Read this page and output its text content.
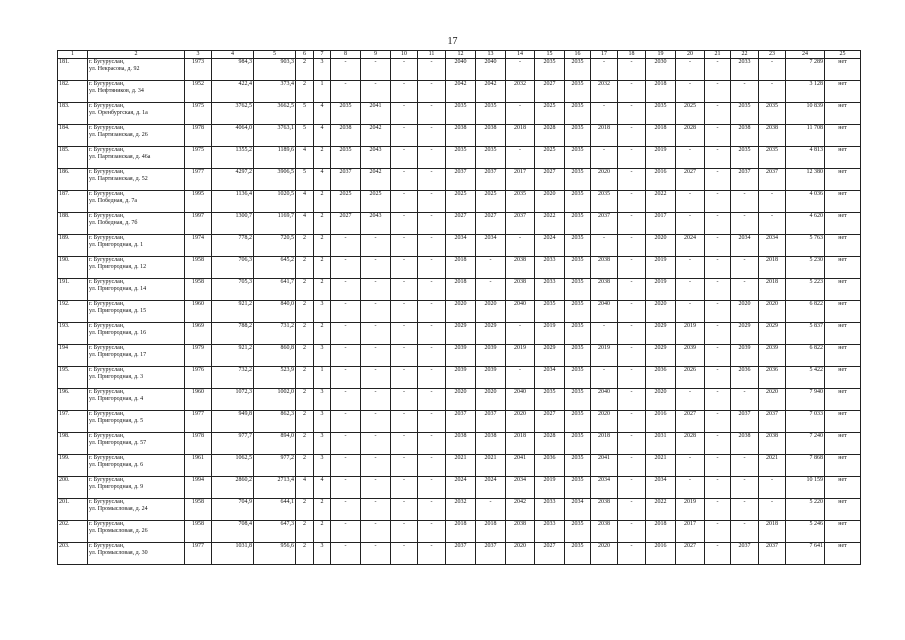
17
1	2	3	4	5	6	7	8	9	10	11	12	13	14	15	16	17	18	19	20	21	22	23	24	25
181.	г. Бугуруслан,
ул. Некрасова, д. 92	1973	984,3	903,3	2	3	-	-	-	-	2040	2040	-	2035	2035	-	-	2030	-	-	2033	-	7 289	нет
182.	г. Бугуруслан,
ул. Нефтяников, д. 34	1952	422,4	373,4	2	1	-	-	-	-	2042	2042	2032	2027	2035	2032	-	2018	-	-	-	-	3 128	нет
183.	г. Бугуруслан,
ул. Оренбургская, д. 1а	1975	3762,5	3662,5	5	4	2035	2041	-	-	2035	2035	-	2025	2035	-	-	2035	2025	-	2035	2035	10 839	нет
184.	г. Бугуруслан,
ул. Партизанская, д. 26	1978	4064,0	3763,1	5	4	2038	2042	-	-	2038	2038	2018	2028	2035	2018	-	2018	2028	-	2038	2038	11 708	нет
185.	г. Бугуруслан,
ул. Партизанская, д. 46а	1975	1355,2	1189,6	4	2	2035	2043	-	-	2035	2035	-	2025	2035	-	-	2019	-	-	2035	2035	4 813	нет
186.	г. Бугуруслан,
ул. Партизанская, д. 52	1977	4297,2	3906,5	5	4	2037	2042	-	-	2037	2037	2017	2027	2035	2020	-	2016	2027	-	2037	2037	12 380	нет
187.	г. Бугуруслан,
ул. Победная, д. 7а	1995	1136,4	1020,5	4	2	2025	2025	-	-	2025	2025	2035	2020	2035	2035	-	2022	-	-	-	-	4 036	нет
188.	г. Бугуруслан,
ул. Победная, д. 7б	1997	1300,7	1169,7	4	2	2027	2043	-	-	2027	2027	2037	2022	2035	2037	-	2017	-	-	-	-	4 620	нет
189.	г. Бугуруслан,
ул. Пригородная, д. 1	1974	778,2	720,5	2	2	-	-	-	-	2034	2034	-	2024	2035	-	-	2020	2024	-	2034	2034	5 763	нет
190.	г. Бугуруслан,
ул. Пригородная, д. 12	1958	706,3	645,2	2	2	-	-	-	-	2018	-	2038	2033	2035	2038	-	2019	-	-	-	2018	5 230	нет
191.	г. Бугуруслан,
ул. Пригородная, д. 14	1958	705,3	641,7	2	2	-	-	-	-	2018	-	2038	2033	2035	2038	-	2019	-	-	-	2018	5 223	нет
192.	г. Бугуруслан,
ул. Пригородная, д. 15	1960	921,2	840,0	2	3	-	-	-	-	2020	2020	2040	2035	2035	2040	-	2020	-	-	2020	2020	6 822	нет
193.	г. Бугуруслан,
ул. Пригородная, д. 16	1969	788,2	731,2	2	2	-	-	-	-	2029	2029	-	2019	2035	-	-	2029	2019	-	2029	2029	5 837	нет
194	г. Бугуруслан,
ул. Пригородная, д. 17	1979	921,2	860,8	2	3	-	-	-	-	2039	2039	2019	2029	2035	2019	-	2029	2039	-	2039	2039	6 822	нет
195.	г. Бугуруслан,
ул. Пригородная, д. 3	1976	732,2	523,9	2	1	-	-	-	-	2039	2039	-	2034	2035	-	-	2036	2026	-	2036	2036	5 422	нет
196.	г. Бугуруслан,
ул. Пригородная, д. 4	1960	1072,3	1002,0	2	3	-	-	-	-	2020	2020	2040	2035	2035	2040	-	2020	-	-	-	2020	7 940	нет
197.	г. Бугуруслан,
ул. Пригородная, д. 5	1977	949,8	862,3	2	3	-	-	-	-	2037	2037	2020	2027	2035	2020	-	2016	2027	-	2037	2037	7 033	нет
198.	г. Бугуруслан,
ул. Пригородная, д. 57	1978	977,7	894,0	2	3	-	-	-	-	2038	2038	2018	2028	2035	2018	-	2031	2028	-	2038	2038	7 240	нет
199.	г. Бугуруслан,
ул. Пригородная, д. 6	1961	1062,5	977,2	2	3	-	-	-	-	2021	2021	2041	2036	2035	2041	-	2021	-	-	-	2021	7 868	нет
200.	г. Бугуруслан,
ул. Пригородная, д. 9	1994	2860,2	2713,4	4	4	-	-	-	-	2024	2024	2034	2019	2035	2034	-	2034	-	-	-	-	10 159	нет
201.	г. Бугуруслан,
ул. Промысловая, д. 24	1958	704,9	644,1	2	2	-	-	-	-	2032	-	2042	2033	2034	2038	-	2022	2019	-	-	-	5 220	нет
202.	г. Бугуруслан,
ул. Промысловая, д. 26	1958	708,4	647,3	2	2	-	-	-	-	2018	2018	2038	2033	2035	2038	-	2018	2017	-	-	2018	5 246	нет
203.	г. Бугуруслан,
ул. Промысловая, д. 30	1977	1031,8	956,6	2	3	-	-	-	-	2037	2037	2020	2027	2035	2020	-	2016	2027	-	2037	2037	7 641	нет
